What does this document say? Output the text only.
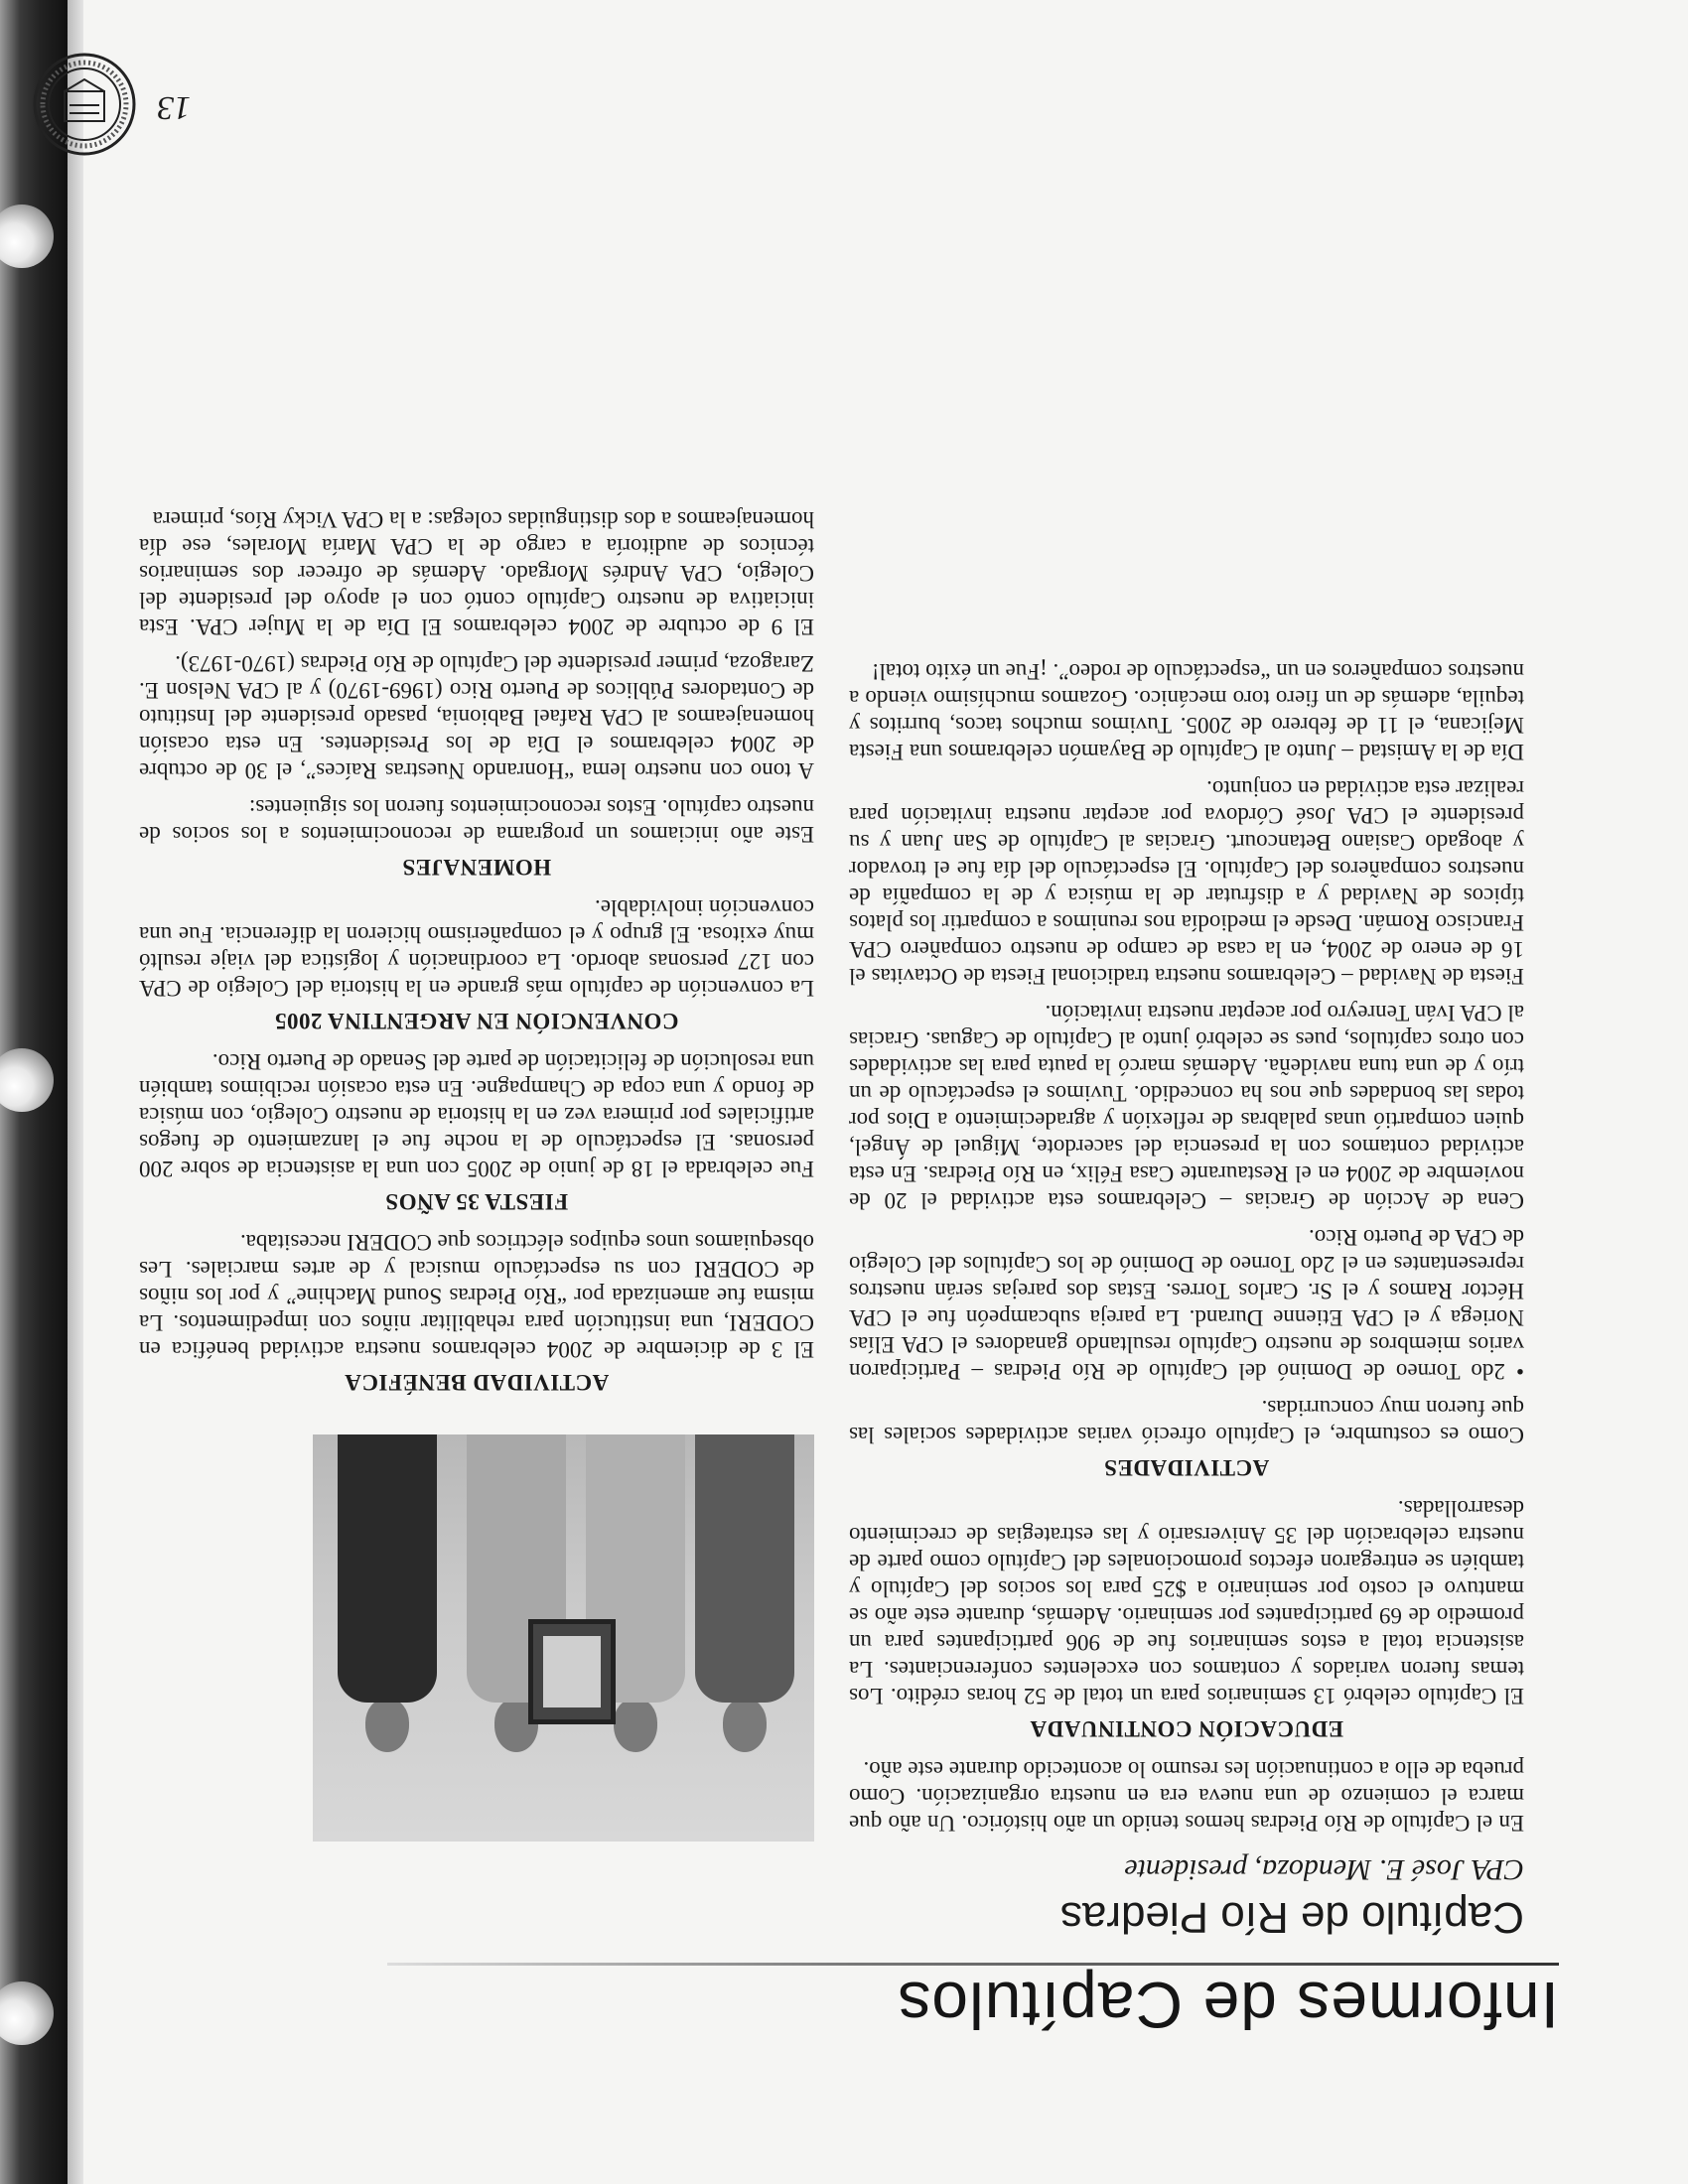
Informes de Capítulos
Capítulo de Río Piedras
CPA José E. Mendoza, presidente

En el Capítulo de Río Piedras hemos tenido un año histórico. Un año que marca el comienzo de una nueva era en nuestra organización. Como prueba de ello a continuación les resumo lo acontecido durante este año.

EDUCACIÓN CONTINUADA

El Capítulo celebró 13 seminarios para un total de 52 horas crédito. Los temas fueron variados y contamos con excelentes conferenciantes. La asistencia total a estos seminarios fue de 906 participantes para un promedio de 69 participantes por seminario. Además, durante este año se mantuvo el costo por seminario a $25 para los socios del Capítulo y también se entregaron efectos promocionales del Capítulo como parte de nuestra celebración del 35 Aniversario y las estrategias de crecimiento desarrolladas.

ACTIVIDADES

Como es costumbre, el Capítulo ofreció varias actividades sociales las que fueron muy concurridas.

• 2do Torneo de Dominó del Capítulo de Río Piedras – Participaron varios miembros de nuestro Capítulo resultando ganadores el CPA Elías Noriega y el CPA Etienne Durand. La pareja subcampeón fue el CPA Héctor Ramos y el Sr. Carlos Torres. Estas dos parejas serán nuestros representantes en el 2do Torneo de Dominó de los Capítulos del Colegio de CPA de Puerto Rico.

Cena de Acción de Gracias – Celebramos esta actividad el 20 de noviembre de 2004 en el Restaurante Casa Félix, en Río Piedras. En esta actividad contamos con la presencia del sacerdote, Miguel de Ángel, quien compartió unas palabras de reflexión y agradecimiento a Dios por todas las bondades que nos ha concedido. Tuvimos el espectáculo de un trío y de una tuna navideña. Además marcó la pauta para las actividades con otros capítulos, pues se celebró junto al Capítulo de Caguas. Gracias al CPA Iván Tenreyro por aceptar nuestra invitación.

Fiesta de Navidad – Celebramos nuestra tradicional Fiesta de Octavitas el 16 de enero de 2004, en la casa de campo de nuestro compañero CPA Francisco Román. Desde el mediodía nos reunimos a compartir los platos típicos de Navidad y a disfrutar de la música y de la compañía de nuestros compañeros del Capítulo. El espectáculo del día fue el trovador y abogado Casiano Betancourt. Gracias al Capítulo de San Juan y su presidente el CPA José Córdova por aceptar nuestra invitación para realizar esta actividad en conjunto.

Día de la Amistad – Junto al Capítulo de Bayamón celebramos una Fiesta Mejicana, el 11 de febrero de 2005. Tuvimos muchos tacos, burritos y tequila, además de un fiero toro mecánico. Gozamos muchísimo viendo a nuestros compañeros en un “espectáculo de rodeo”. ¡Fue un éxito total!

ACTIVIDAD BENÉFICA

El 3 de diciembre de 2004 celebramos nuestra actividad benéfica en CODERI, una institución para rehabilitar niños con impedimentos. La misma fue amenizada por “Río Piedras Sound Machine” y por los niños de CODERI con su espectáculo musical y de artes marciales. Les obsequiamos unos equipos eléctricos que CODERI necesitaba.

FIESTA 35 AÑOS

Fue celebrada el 18 de junio de 2005 con una la asistencia de sobre 200 personas. El espectáculo de la noche fue el lanzamiento de fuegos artificiales por primera vez en la historia de nuestro Colegio, con música de fondo y una copa de Champagne. En esta ocasión recibimos también una resolución de felicitación de parte del Senado de Puerto Rico.

CONVENCIÓN EN ARGENTINA 2005

La convención de capítulo más grande en la historia del Colegio de CPA con 127 personas abordo. La coordinación y logística del viaje resultó muy exitosa. El grupo y el compañerismo hicieron la diferencia. Fue una convención inolvidable.

HOMENAJES

Este año iniciamos un programa de reconocimientos a los socios de nuestro capítulo. Estos reconocimientos fueron los siguientes:

A tono con nuestro lema “Honrando Nuestras Raíces”, el 30 de octubre de 2004 celebramos el Día de los Presidentes. En esta ocasión homenajeamos al CPA Rafael Babionia, pasado presidente del Instituto de Contadores Públicos de Puerto Rico (1969-1970) y al CPA Nelson E. Zaragoza, primer presidente del Capítulo de Río Piedras (1970-1973).

El 9 de octubre de 2004 celebramos El Día de la Mujer CPA. Esta iniciativa de nuestro Capítulo contó con el apoyo del presidente del Colegio, CPA Andrés Morgado. Además de ofrecer dos seminarios técnicos de auditoría a cargo de la CPA María Morales, ese día homenajeamos a dos distinguidas colegas: a la CPA Vicky Ríos, primera

13
